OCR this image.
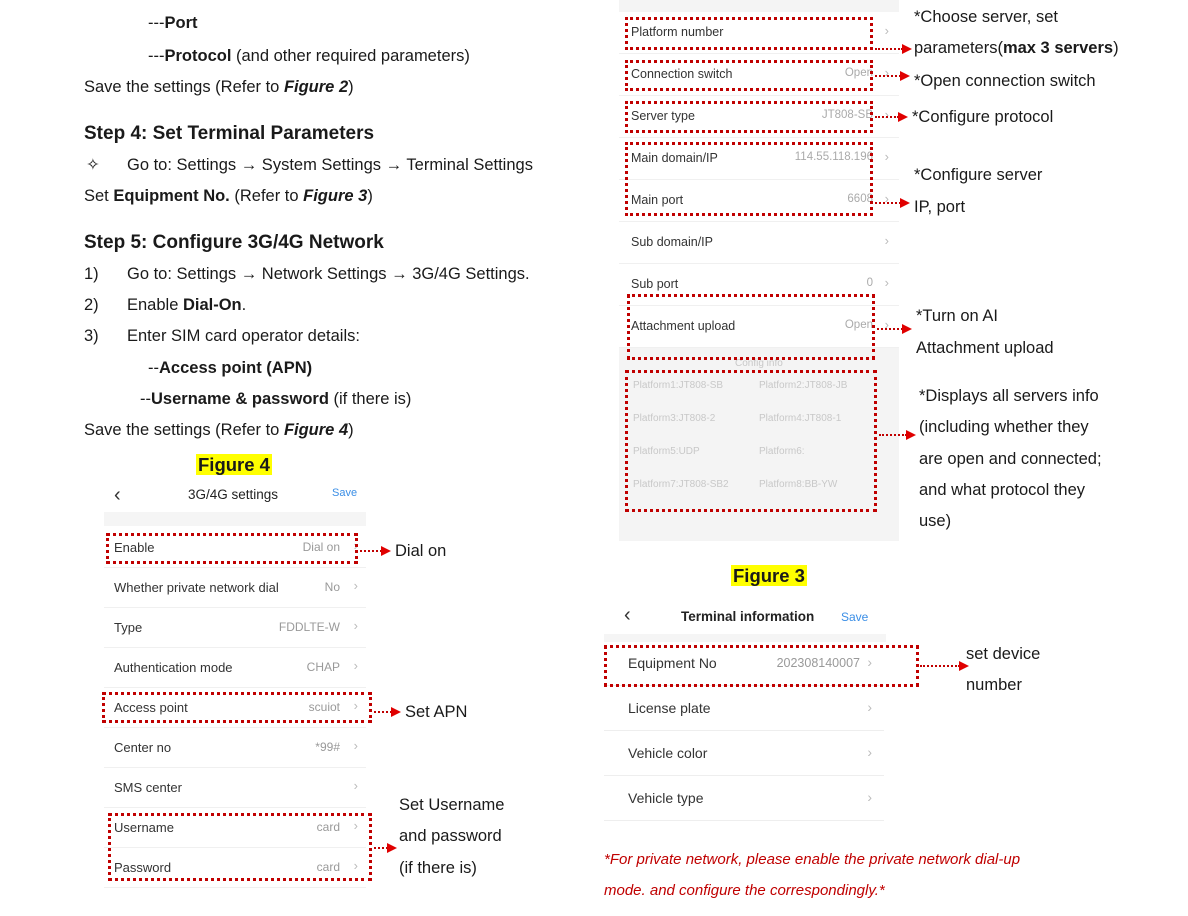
---Port
---Protocol (and other required parameters)
Save the settings (Refer to Figure 2)
Step 4: Set Terminal Parameters
✧ Go to: Settings → System Settings → Terminal Settings
Set Equipment No. (Refer to Figure 3)
Step 5: Configure 3G/4G Network
1) Go to: Settings → Network Settings → 3G/4G Settings.
2) Enable Dial-On.
3) Enter SIM card operator details:
--Access point (APN)
--Username & password (if there is)
Save the settings (Refer to Figure 4)
Figure 4
‹	3G/4G settings	Save
Enable	Dial on ›
Whether private network dial	No ›
Type	FDDLTE-W ›
Authentication mode	CHAP ›
Access point	scuiot ›
Center no	*99# ›
SMS center	›
Username	card ›
Password	card ›
Dial on
Set APN
Set Username
and password
(if there is)
Platform number	›
Connection switch	Open ›
Server type	JT808-SB ›
Main domain/IP	114.55.118.196 ›
Main port	6608 ›
Sub domain/IP	›
Sub port	0 ›
Attachment upload	Open ›
Config info
Platform1:JT808-SB	Platform2:JT808-JB
Platform3:JT808-2	Platform4:JT808-1
Platform5:UDP	Platform6:
Platform7:JT808-SB2	Platform8:BB-YW
*Choose server, set
parameters(max 3 servers)
*Open connection switch
*Configure protocol
*Configure server
IP, port
*Turn on AI
Attachment upload
*Displays all servers info
(including whether they
are open and connected;
and what protocol they
use)
Figure 3
‹	Terminal information Save
Equipment No	202308140007 ›
License plate	›
Vehicle color	›
Vehicle type	›
set device
number
*For private network, please enable the private network dial-up
mode. and configure the correspondingly.*
